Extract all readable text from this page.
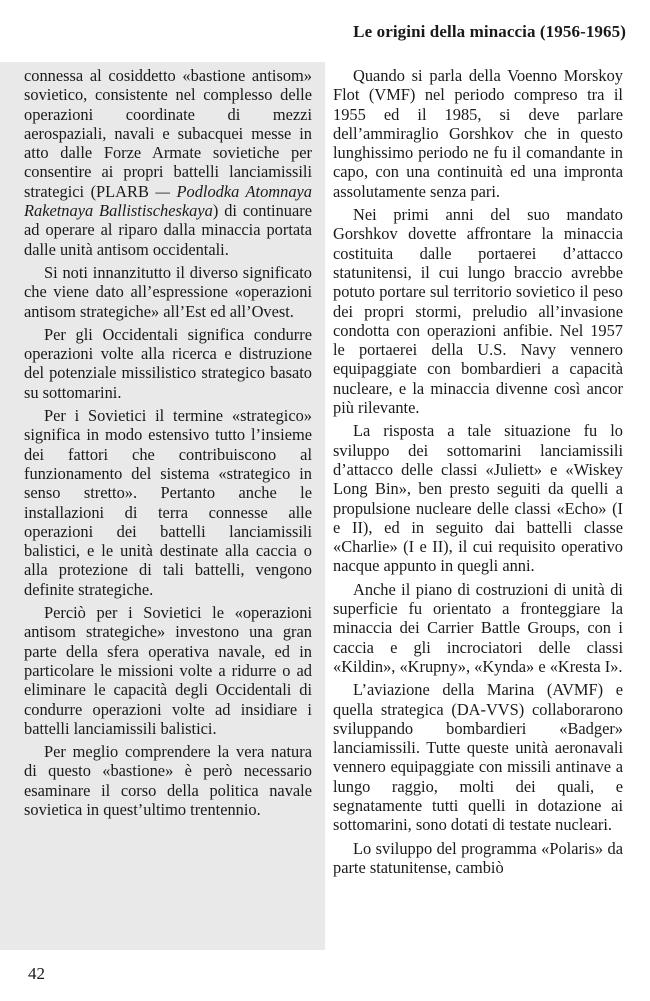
Le origini della minaccia (1956-1965)

connessa al cosiddetto «bastione antisom» sovietico, consistente nel complesso delle operazioni coordinate di mezzi aerospaziali, navali e subacquei messe in atto dalle Forze Armate sovietiche per consentire ai propri battelli lanciamissili strategici (PLARB — Podlodka Atomnaya Raketnaya Ballistischeskaya) di continuare ad operare al riparo dalla minaccia portata dalle unità antisom occidentali.

Si noti innanzitutto il diverso significato che viene dato all’espressione «operazioni antisom strategiche» all’Est ed all’Ovest.

Per gli Occidentali significa condurre operazioni volte alla ricerca e distruzione del potenziale missilistico strategico basato su sottomarini.

Per i Sovietici il termine «strategico» significa in modo estensivo tutto l’insieme dei fattori che contribuiscono al funzionamento del sistema «strategico in senso stretto». Pertanto anche le installazioni di terra connesse alle operazioni dei battelli lanciamissili balistici, e le unità destinate alla caccia o alla protezione di tali battelli, vengono definite strategiche.

Perciò per i Sovietici le «operazioni antisom strategiche» investono una gran parte della sfera operativa navale, ed in particolare le missioni volte a ridurre o ad eliminare le capacità degli Occidentali di condurre operazioni volte ad insidiare i battelli lanciamissili balistici.

Per meglio comprendere la vera natura di questo «bastione» è però necessario esaminare il corso della politica navale sovietica in quest’ultimo trentennio.

Quando si parla della Voenno Morskoy Flot (VMF) nel periodo compreso tra il 1955 ed il 1985, si deve parlare dell’ammiraglio Gorshkov che in questo lunghissimo periodo ne fu il comandante in capo, con una continuità ed una impronta assolutamente senza pari.

Nei primi anni del suo mandato Gorshkov dovette affrontare la minaccia costituita dalle portaerei d’attacco statunitensi, il cui lungo braccio avrebbe potuto portare sul territorio sovietico il peso dei propri stormi, preludio all’invasione condotta con operazioni anfibie. Nel 1957 le portaerei della U.S. Navy vennero equipaggiate con bombardieri a capacità nucleare, e la minaccia divenne così ancor più rilevante.

La risposta a tale situazione fu lo sviluppo dei sottomarini lanciamissili d’attacco delle classi «Juliett» e «Wiskey Long Bin», ben presto seguiti da quelli a propulsione nucleare delle classi «Echo» (I e II), ed in seguito dai battelli classe «Charlie» (I e II), il cui requisito operativo nacque appunto in quegli anni.

Anche il piano di costruzioni di unità di superficie fu orientato a fronteggiare la minaccia dei Carrier Battle Groups, con i caccia e gli incrociatori delle classi «Kildin», «Krupny», «Kynda» e «Kresta I».

L’aviazione della Marina (AVMF) e quella strategica (DA-VVS) collaborarono sviluppando bombardieri «Badger» lanciamissili. Tutte queste unità aeronavali vennero equipaggiate con missili antinave a lungo raggio, molti dei quali, e segnatamente tutti quelli in dotazione ai sottomarini, sono dotati di testate nucleari.

Lo sviluppo del programma «Polaris» da parte statunitense, cambiò

42
